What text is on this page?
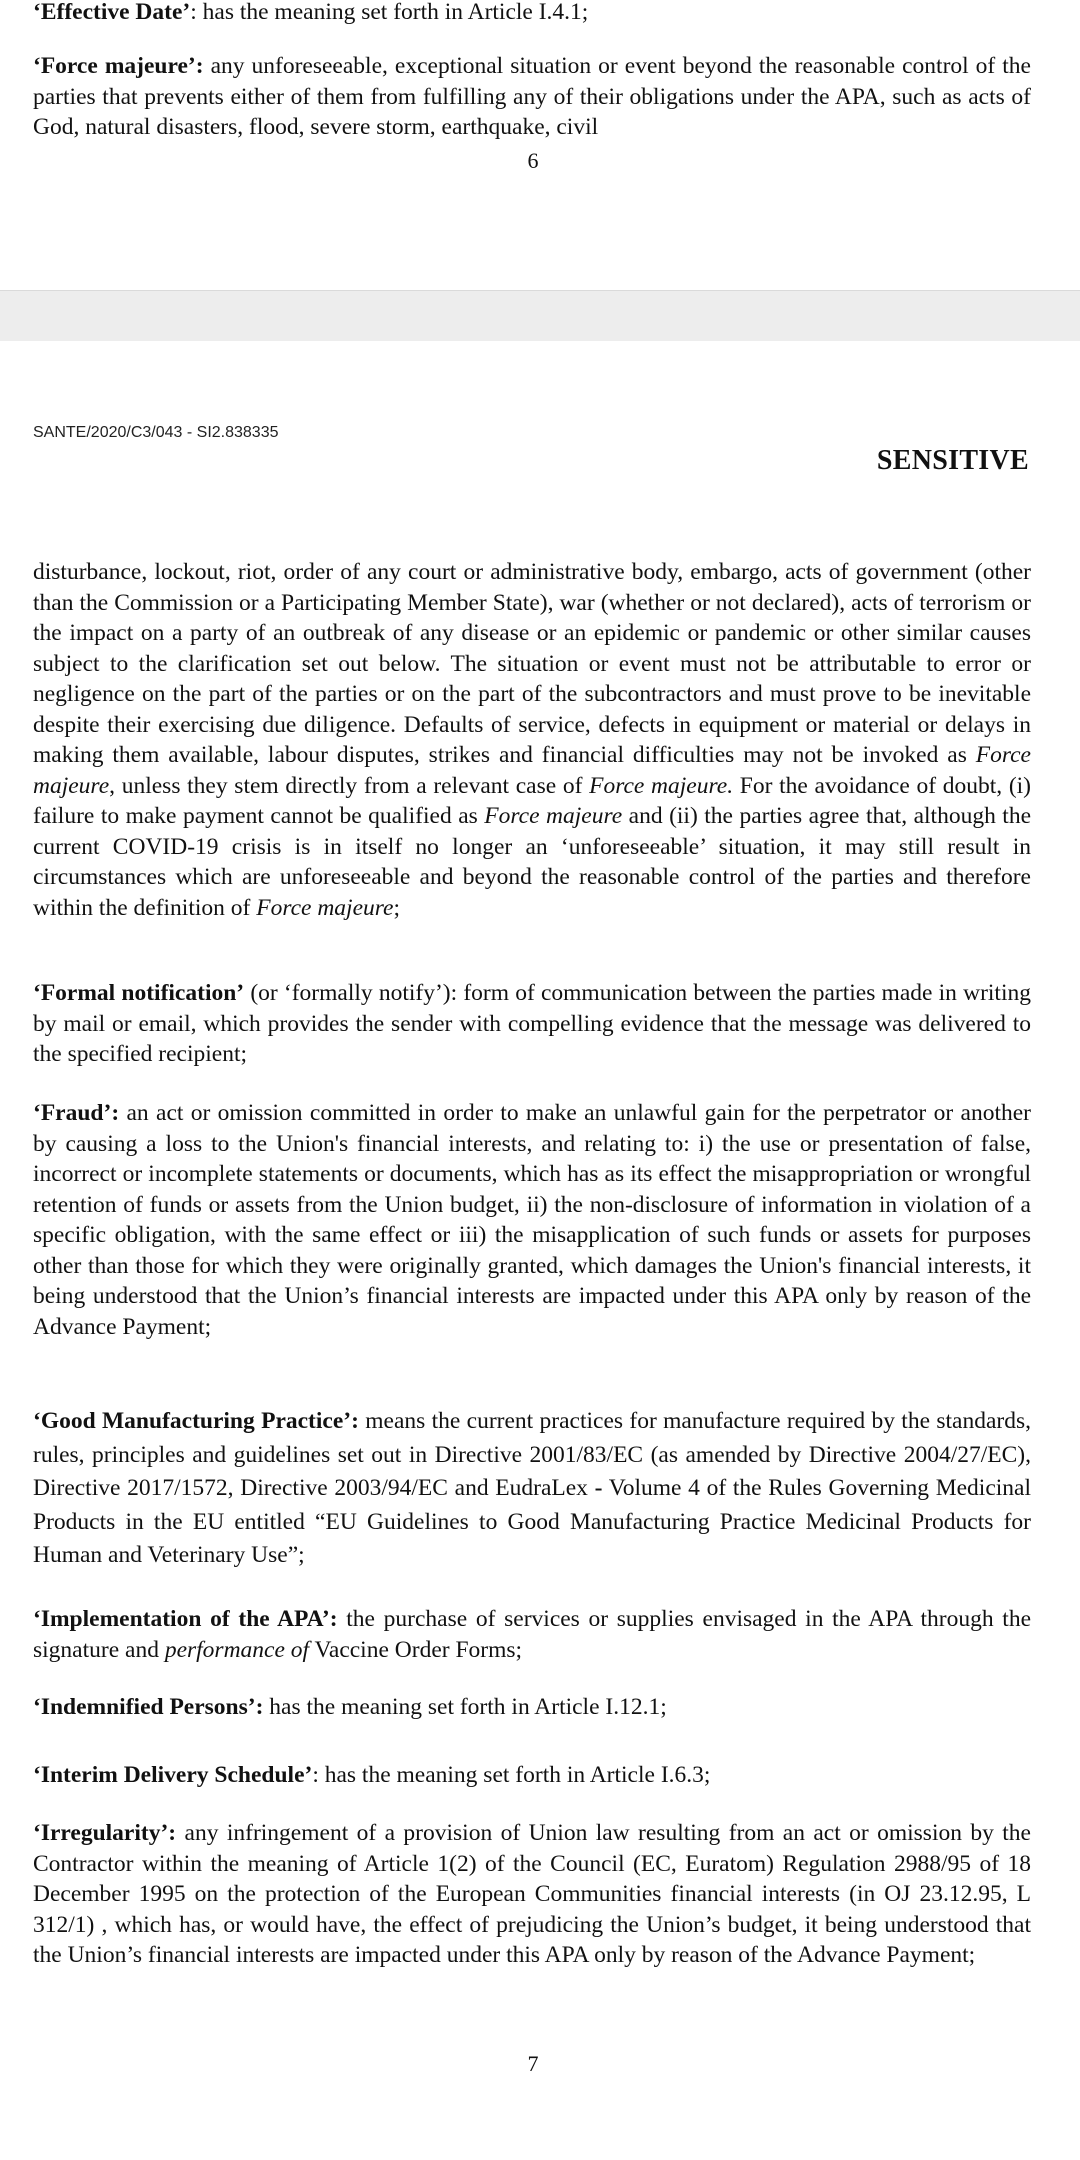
‘Effective Date’: has the meaning set forth in Article I.4.1;

‘Force majeure’: any unforeseeable, exceptional situation or event beyond the reasonable control of the parties that prevents either of them from fulfilling any of their obligations under the APA, such as acts of God, natural disasters, flood, severe storm, earthquake, civil

6
SANTE/2020/C3/043 - SI2.838335
SENSITIVE

disturbance, lockout, riot, order of any court or administrative body, embargo, acts of government (other than the Commission or a Participating Member State), war (whether or not declared), acts of terrorism or the impact on a party of an outbreak of any disease or an epidemic or pandemic or other similar causes subject to the clarification set out below. The situation or event must not be attributable to error or negligence on the part of the parties or on the part of the subcontractors and must prove to be inevitable despite their exercising due diligence. Defaults of service, defects in equipment or material or delays in making them available, labour disputes, strikes and financial difficulties may not be invoked as Force majeure, unless they stem directly from a relevant case of Force majeure. For the avoidance of doubt, (i) failure to make payment cannot be qualified as Force majeure and (ii) the parties agree that, although the current COVID-19 crisis is in itself no longer an ‘unforeseeable’ situation, it may still result in circumstances which are unforeseeable and beyond the reasonable control of the parties and therefore within the definition of Force majeure;

‘Formal notification’ (or ‘formally notify’): form of communication between the parties made in writing by mail or email, which provides the sender with compelling evidence that the message was delivered to the specified recipient;

‘Fraud’: an act or omission committed in order to make an unlawful gain for the perpetrator or another by causing a loss to the Union's financial interests, and relating to: i) the use or presentation of false, incorrect or incomplete statements or documents, which has as its effect the misappropriation or wrongful retention of funds or assets from the Union budget, ii) the non-disclosure of information in violation of a specific obligation, with the same effect or iii) the misapplication of such funds or assets for purposes other than those for which they were originally granted, which damages the Union's financial interests, it being understood that the Union’s financial interests are impacted under this APA only by reason of the Advance Payment;

‘Good Manufacturing Practice’: means the current practices for manufacture required by the standards, rules, principles and guidelines set out in Directive 2001/83/EC (as amended by Directive 2004/27/EC), Directive 2017/1572, Directive 2003/94/EC and EudraLex - Volume 4 of the Rules Governing Medicinal Products in the EU entitled “EU Guidelines to Good Manufacturing Practice Medicinal Products for Human and Veterinary Use”;

‘Implementation of the APA’: the purchase of services or supplies envisaged in the APA through the signature and performance of Vaccine Order Forms;

‘Indemnified Persons’: has the meaning set forth in Article I.12.1;

‘Interim Delivery Schedule’: has the meaning set forth in Article I.6.3;

‘Irregularity’: any infringement of a provision of Union law resulting from an act or omission by the Contractor within the meaning of Article 1(2) of the Council (EC, Euratom) Regulation 2988/95 of 18 December 1995 on the protection of the European Communities financial interests (in OJ 23.12.95, L 312/1) , which has, or would have, the effect of prejudicing the Union’s budget, it being understood that the Union’s financial interests are impacted under this APA only by reason of the Advance Payment;

7
